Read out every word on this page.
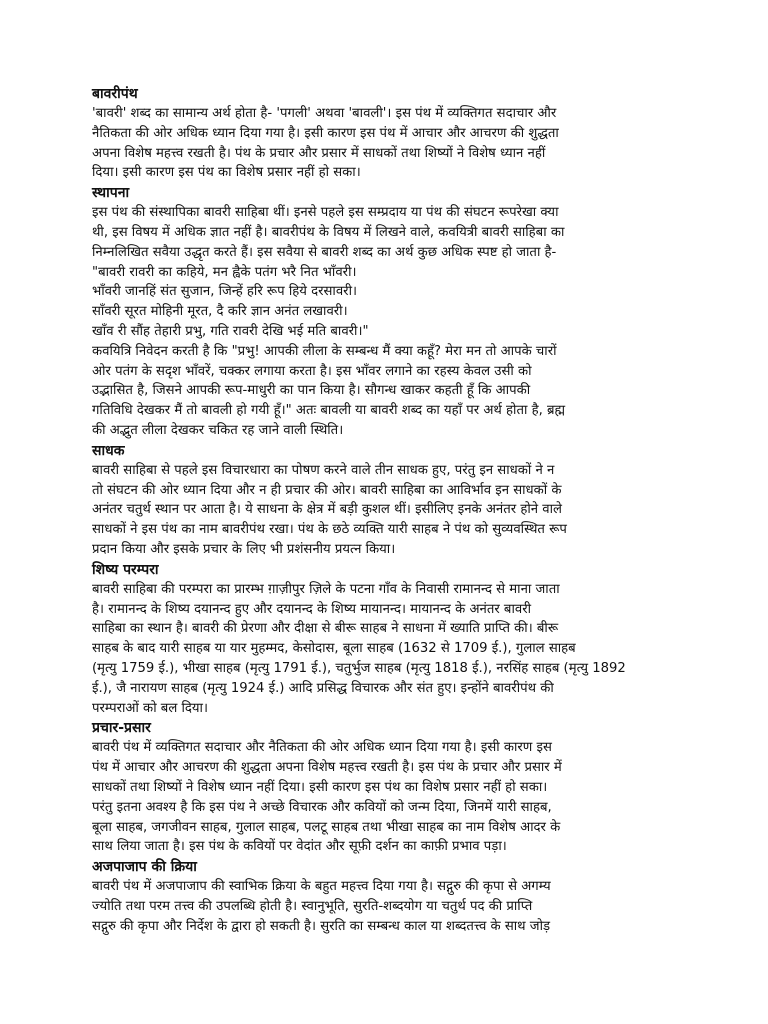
बावरीपंथ

'बावरी' शब्द का सामान्य अर्थ होता है- 'पगली' अथवा 'बावली'। इस पंथ में व्यक्तिगत सदाचार और
नैतिकता की ओर अधिक ध्यान दिया गया है। इसी कारण इस पंथ में आचार और आचरण की शुद्धता
अपना विशेष महत्त्व रखती है। पंथ के प्रचार और प्रसार में साधकों तथा शिष्यों ने विशेष ध्यान नहीं
दिया। इसी कारण इस पंथ का विशेष प्रसार नहीं हो सका।

स्थापना

इस पंथ की संस्थापिका बावरी साहिबा थीं। इनसे पहले इस सम्प्रदाय या पंथ की संघटन रूपरेखा क्या
थी, इस विषय में अधिक ज्ञात नहीं है। बावरीपंथ के विषय में लिखने वाले, कवयित्री बावरी साहिबा का
निम्नलिखित सवैया उद्धृत करते हैं। इस सवैया से बावरी शब्द का अर्थ कुछ अधिक स्पष्ट हो जाता है-
"बावरी रावरी का कहिये, मन ह्वैके पतंग भरै नित भाँवरी।
भाँवरी जानहिं संत सुजान, जिन्हें हरि रूप हिये दरसावरी।
साँवरी सूरत मोहिनी मूरत, दै करि ज्ञान अनंत लखावरी।
खाँव री सौंह तेहारी प्रभु, गति रावरी देखि भई मति बावरी।"
कवयित्रि निवेदन करती है कि "प्रभु! आपकी लीला के सम्बन्ध मैं क्या कहूँ? मेरा मन तो आपके चारों
ओर पतंग के सदृश भाँवरें, चक्कर लगाया करता है। इस भाँवर लगाने का रहस्य केवल उसी को
उद्भासित है, जिसने आपकी रूप-माधुरी का पान किया है। सौगन्ध खाकर कहती हूँ कि आपकी
गतिविधि देखकर मैं तो बावली हो गयी हूँ।" अतः बावली या बावरी शब्द का यहाँ पर अर्थ होता है, ब्रह्म
की अद्भुत लीला देखकर चकित रह जाने वाली स्थिति।

साधक

बावरी साहिबा से पहले इस विचारधारा का पोषण करने वाले तीन साधक हुए, परंतु इन साधकों ने न
तो संघटन की ओर ध्यान दिया और न ही प्रचार की ओर। बावरी साहिबा का आविर्भाव इन साधकों के
अनंतर चतुर्थ स्थान पर आता है। ये साधना के क्षेत्र में बड़ी कुशल थीं। इसीलिए इनके अनंतर होने वाले
साधकों ने इस पंथ का नाम बावरीपंथ रखा। पंथ के छठे व्यक्ति यारी साहब ने पंथ को सुव्यवस्थित रूप
प्रदान किया और इसके प्रचार के लिए भी प्रशंसनीय प्रयत्न किया।

शिष्य परम्परा

बावरी साहिबा की परम्परा का प्रारम्भ ग़ाज़ीपुर ज़िले के पटना गाँव के निवासी रामानन्द से माना जाता
है। रामानन्द के शिष्य दयानन्द हुए और दयानन्द के शिष्य मायानन्द। मायानन्द के अनंतर बावरी
साहिबा का स्थान है। बावरी की प्रेरणा और दीक्षा से बीरू साहब ने साधना में ख्याति प्राप्ति की। बीरू
साहब के बाद यारी साहब या यार मुहम्मद, केसोदास, बूला साहब (1632 से 1709 ई.), गुलाल साहब
(मृत्यु 1759 ई.), भीखा साहब (मृत्यु 1791 ई.), चतुर्भुज साहब (मृत्यु 1818 ई.), नरसिंह साहब (मृत्यु 1892
ई.), जै नारायण साहब (मृत्यु 1924 ई.) आदि प्रसिद्ध विचारक और संत हुए। इन्होंने बावरीपंथ की
परम्पराओं को बल दिया।

प्रचार-प्रसार

बावरी पंथ में व्यक्तिगत सदाचार और नैतिकता की ओर अधिक ध्यान दिया गया है। इसी कारण इस
पंथ में आचार और आचरण की शुद्धता अपना विशेष महत्त्व रखती है। इस पंथ के प्रचार और प्रसार में
साधकों तथा शिष्यों ने विशेष ध्यान नहीं दिया। इसी कारण इस पंथ का विशेष प्रसार नहीं हो सका।
परंतु इतना अवश्य है कि इस पंथ ने अच्छे विचारक और कवियों को जन्म दिया, जिनमें यारी साहब,
बूला साहब, जगजीवन साहब, गुलाल साहब, पलटू साहब तथा भीखा साहब का नाम विशेष आदर के
साथ लिया जाता है। इस पंथ के कवियों पर वेदांत और सूफ़ी दर्शन का काफ़ी प्रभाव पड़ा।

अजपाजाप की क्रिया

बावरी पंथ में अजपाजाप की स्वाभिक क्रिया के बहुत महत्त्व दिया गया है। सद्गुरु की कृपा से अगम्य
ज्योति तथा परम तत्त्व की उपलब्धि होती है। स्वानुभूति, सुरति-शब्दयोग या चतुर्थ पद की प्राप्ति
सद्गुरु की कृपा और निर्देश के द्वारा हो सकती है। सुरति का सम्बन्ध काल या शब्दतत्त्व के साथ जोड़
